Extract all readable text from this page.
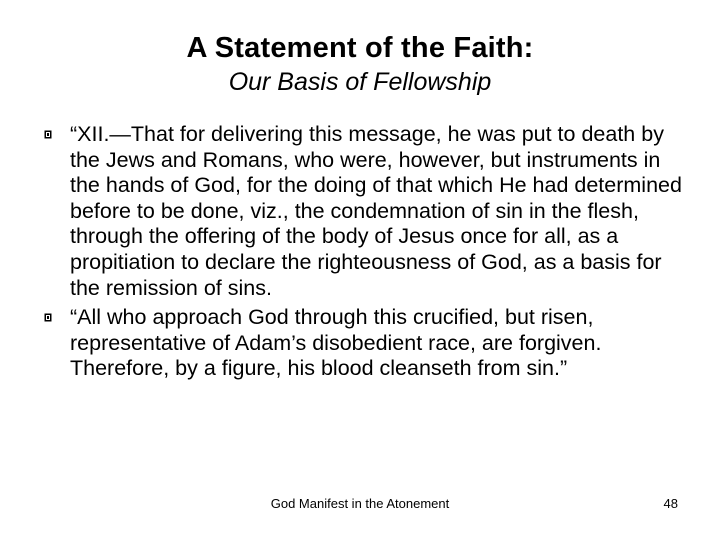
A Statement of the Faith:
Our Basis of Fellowship
“XII.—That for delivering this message, he was put to death by the Jews and Romans, who were, however, but instruments in the hands of God, for the doing of that which He had determined before to be done, viz., the condemnation of sin in the flesh, through the offering of the body of Jesus once for all, as a propitiation to declare the righteousness of God, as a basis for the remission of sins.
“All who approach God through this crucified, but risen, representative of Adam’s disobedient race, are forgiven. Therefore, by a figure, his blood cleanseth from sin.”
God Manifest in the Atonement	48
